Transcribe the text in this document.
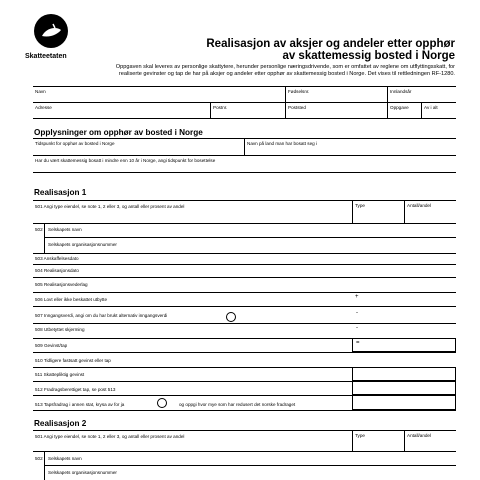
Skatteetaten
Realisasjon av aksjer og andeler etter opphør
av skattemessig bosted i Norge
Oppgaven skal leveres av personlige skattytere, herunder personlige næringsdrivende, som er omfattet av reglene om utflyttingsskatt, for realiserte gevinster og tap de har på aksjer og andeler etter opphør av skattemessig bosted i Norge. Det vises til rettledningen RF-1280.
Navn	Fødselsnr.	Innlandsår
Adresse	Postnr.	Poststed	Oppgave	Av i alt
Opplysninger om opphør av bosted i Norge
Tidspunkt for opphør av bosted i Norge	Navn på land man har bosatt seg i
Har du vært skattemessig bosatt i mindre enn 10 år i Norge, angi tidspunkt for bosettelse
Realisasjon 1
501 Angi type eiendel, se note 1, 2 eller 3, og antall eller prosent av andel	Type	Antall/andel
502 Selskapets navn
Selskapets organisasjonsnummer
503 Anskaffelsesdato
504 Realisasjonsdato
505 Realisasjonsvederlag
506 Lovt eller ikke beskattet utbytte	+
507 Inngangsverdi, angi om du har brukt alternativ inngangsverdi	-
508 Utbetyttet skjerming	-
509 Gevinst/tap	=
510 Tidligere fastsatt gevinst eller tap
511 Skattepliktig gevinst
512 Fradragsberettiget tap, se post 513
513 Tapsfradrag i annen stat, krysa av for ja	og oppgi hvor mye som har redusert det norske fradraget
Realisasjon 2
501 Angi type eiendel, se note 1, 2 eller 3, og antall eller prosent av andel	Type	Antall/andel
502 Selskapets navn
Selskapets organisasjonsnummer
